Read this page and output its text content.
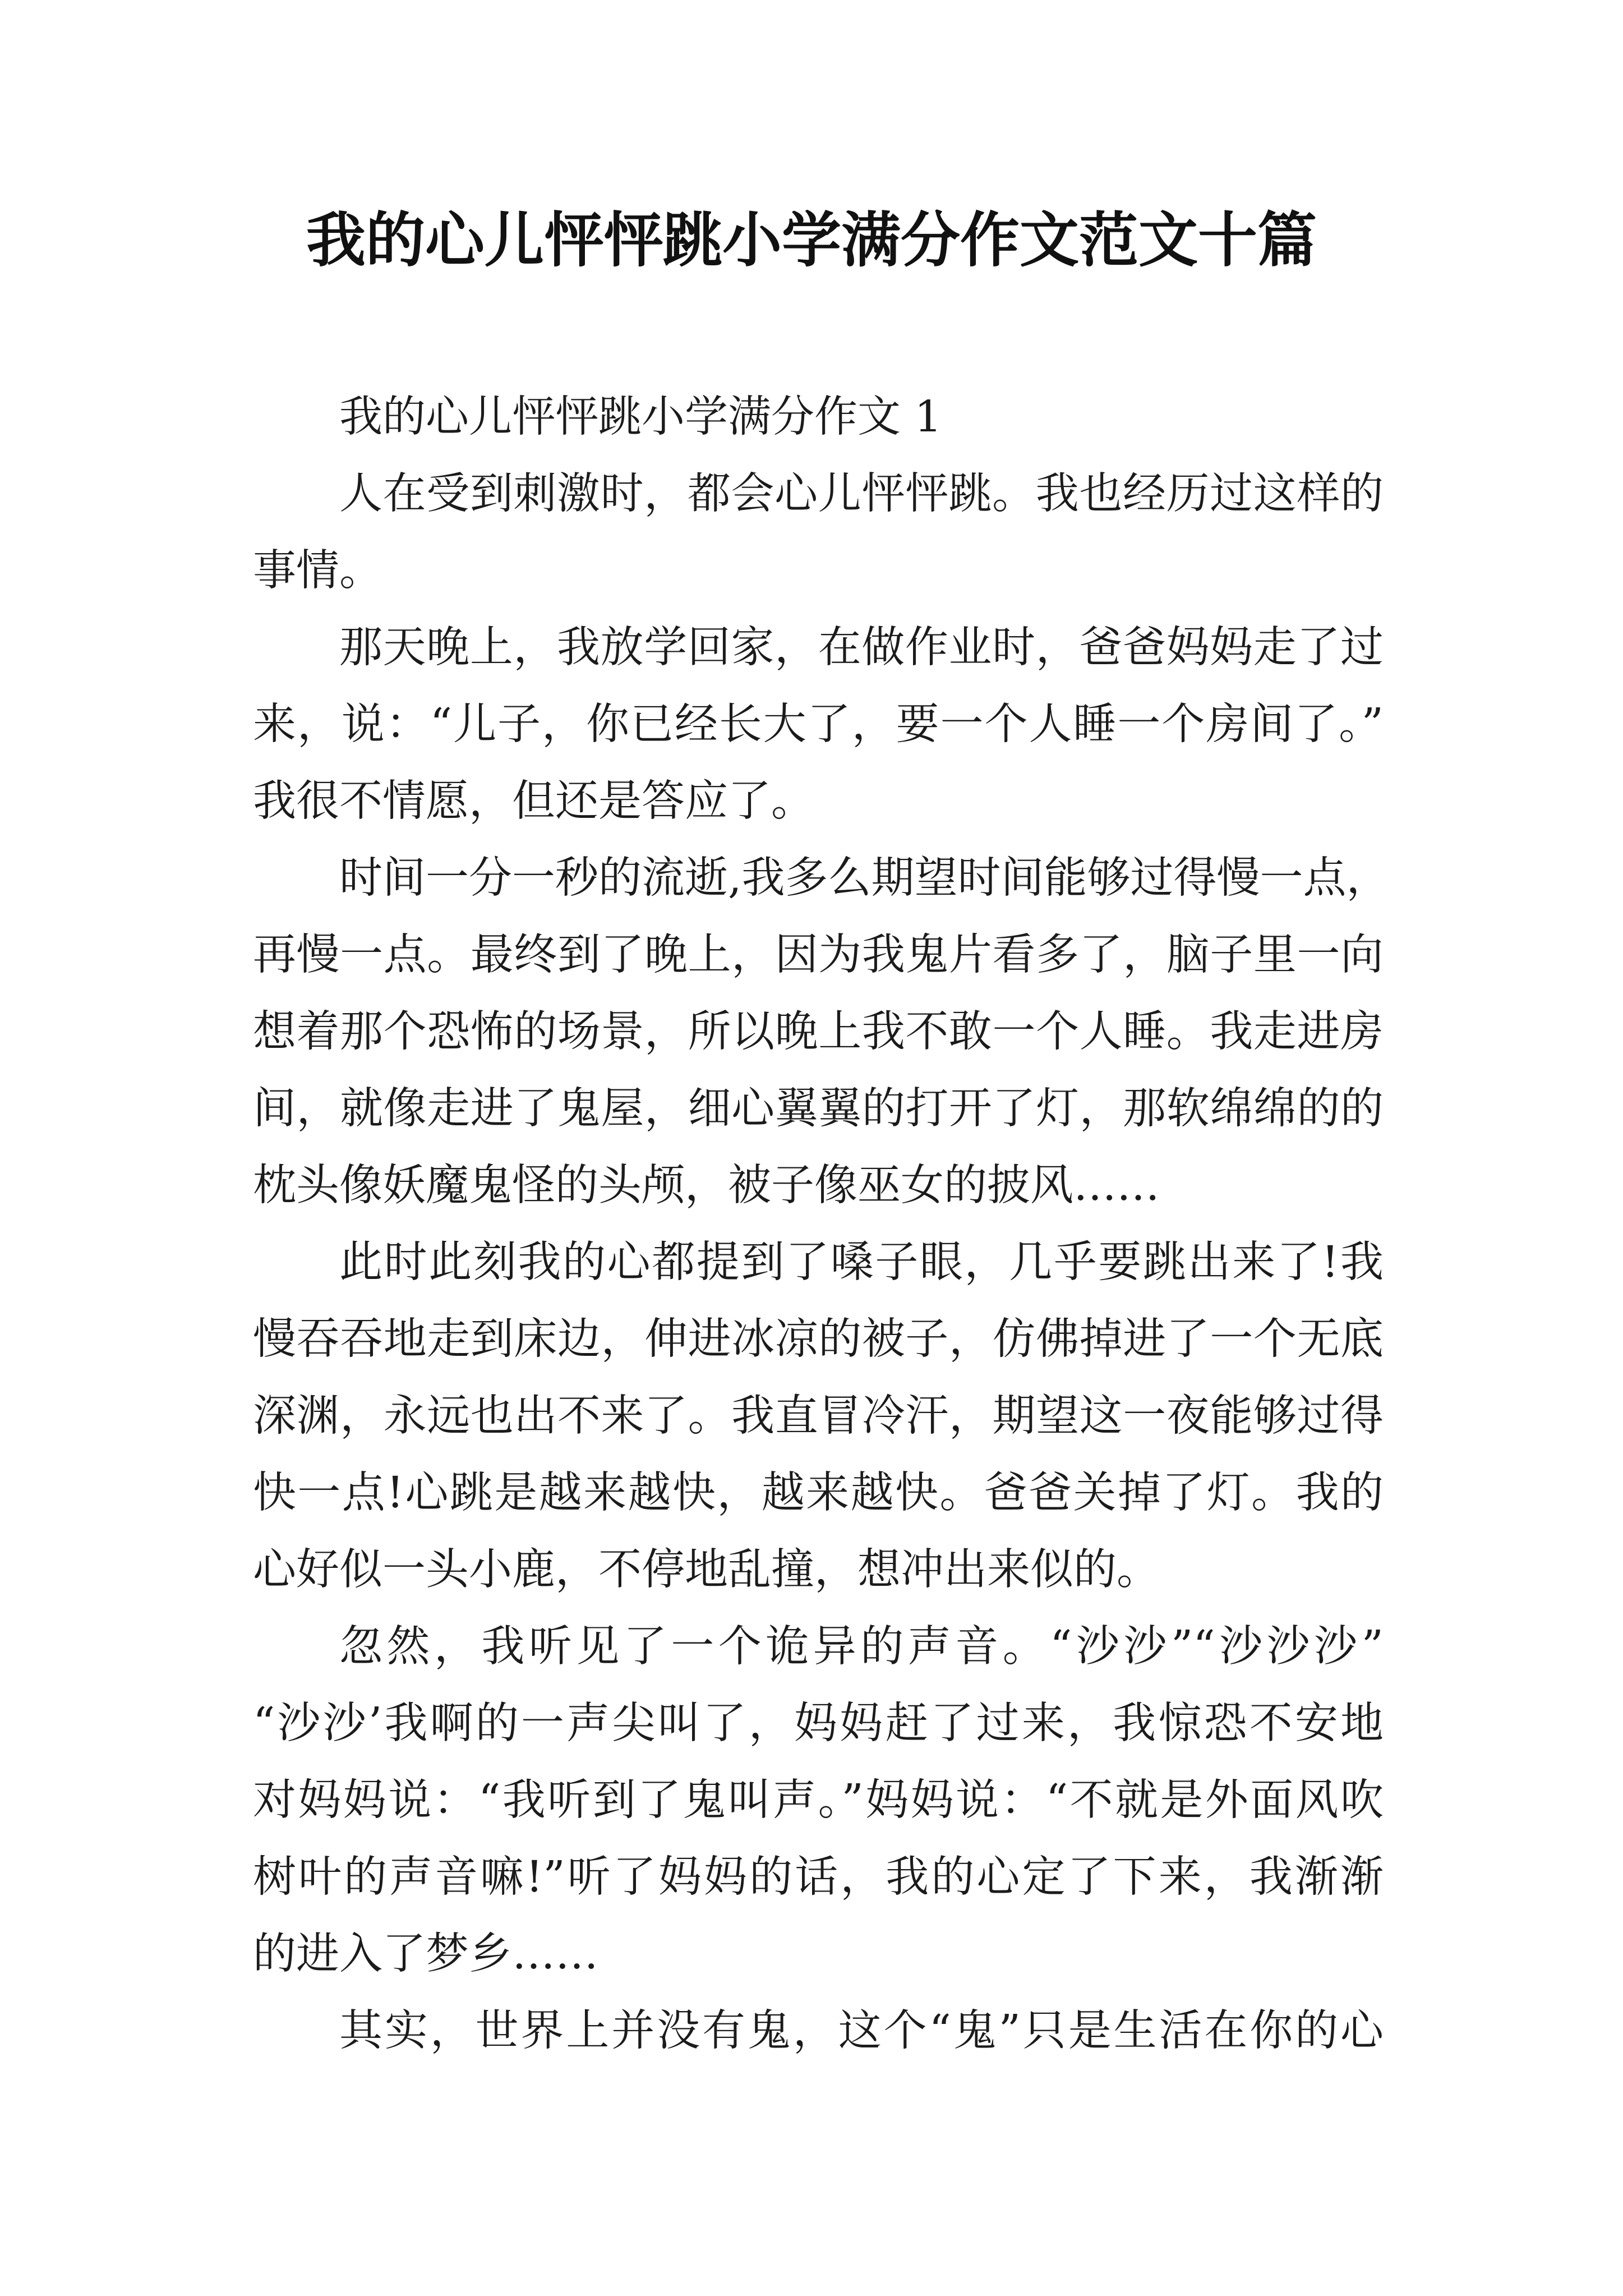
我的心儿怦怦跳小学满分作文范文十篇
我的心儿怦怦跳小学满分作文 1
人在受到刺激时，都会心儿怦怦跳。我也经历过这样的
事情。
那天晚上，我放学回家，在做作业时，爸爸妈妈走了过
来，说：“儿子，你已经长大了，要一个人睡一个房间了。”
我很不情愿，但还是答应了。
时间一分一秒的流逝,我多么期望时间能够过得慢一点，
再慢一点。最终到了晚上，因为我鬼片看多了，脑子里一向
想着那个恐怖的场景，所以晚上我不敢一个人睡。我走进房
间，就像走进了鬼屋，细心翼翼的打开了灯，那软绵绵的的
枕头像妖魔鬼怪的头颅，被子像巫女的披风……
此时此刻我的心都提到了嗓子眼，几乎要跳出来了!我
慢吞吞地走到床边，伸进冰凉的被子，仿佛掉进了一个无底
深渊，永远也出不来了。我直冒冷汗，期望这一夜能够过得
快一点!心跳是越来越快，越来越快。爸爸关掉了灯。我的
心好似一头小鹿，不停地乱撞，想冲出来似的。
忽然，我听见了一个诡异的声音。“沙沙”“沙沙沙”
“沙沙’我啊的一声尖叫了，妈妈赶了过来，我惊恐不安地
对妈妈说：“我听到了鬼叫声。”妈妈说：“不就是外面风吹
树叶的声音嘛!”听了妈妈的话，我的心定了下来，我渐渐
的进入了梦乡……
其实，世界上并没有鬼，这个“鬼”只是生活在你的心
